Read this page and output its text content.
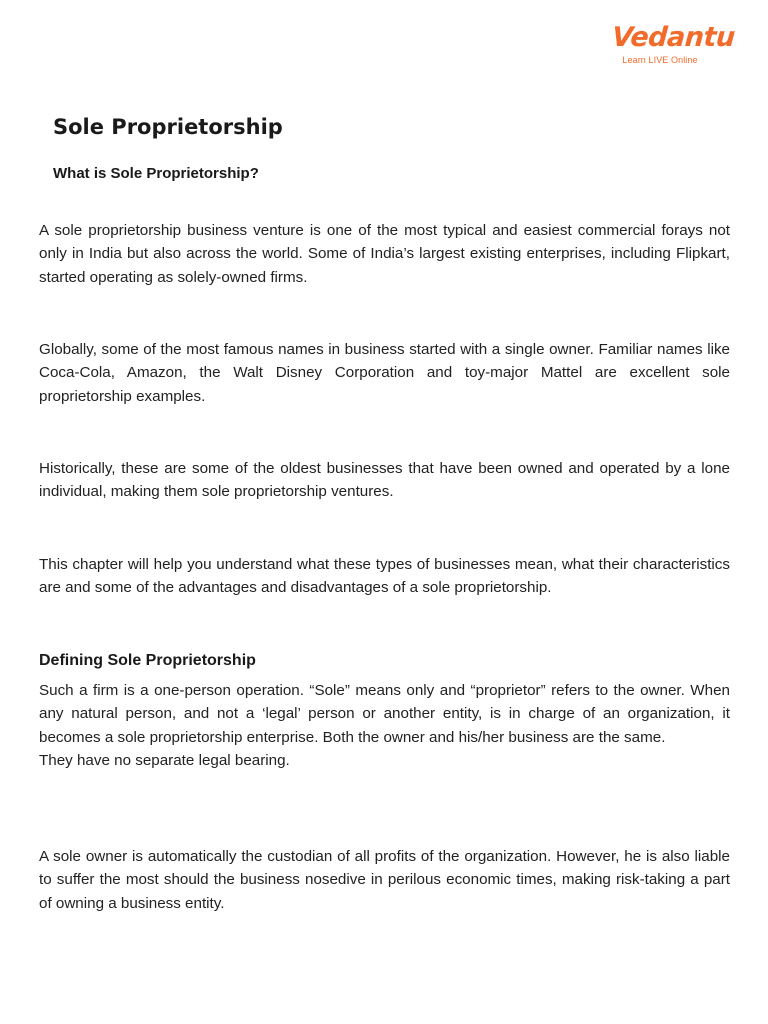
Vedantu
Learn LIVE Online
Sole Proprietorship
What is Sole Proprietorship?

A sole proprietorship business venture is one of the most typical and easiest commercial forays not only in India but also across the world. Some of India’s largest existing enterprises, including Flipkart, started operating as solely-owned firms.

Globally, some of the most famous names in business started with a single owner. Familiar names like Coca-Cola, Amazon, the Walt Disney Corporation and toy-major Mattel are excellent sole proprietorship examples.

Historically, these are some of the oldest businesses that have been owned and operated by a lone individual, making them sole proprietorship ventures.

This chapter will help you understand what these types of businesses mean, what their characteristics are and some of the advantages and disadvantages of a sole proprietorship.

Defining Sole Proprietorship
Such a firm is a one-person operation. “Sole” means only and “proprietor” refers to the owner. When any natural person, and not a ‘legal’ person or another entity, is in charge of an organization, it becomes a sole proprietorship enterprise. Both the owner and his/her business are the same.
They have no separate legal bearing.

A sole owner is automatically the custodian of all profits of the organization. However, he is also liable to suffer the most should the business nosedive in perilous economic times, making risk-taking a part of owning a business entity.
